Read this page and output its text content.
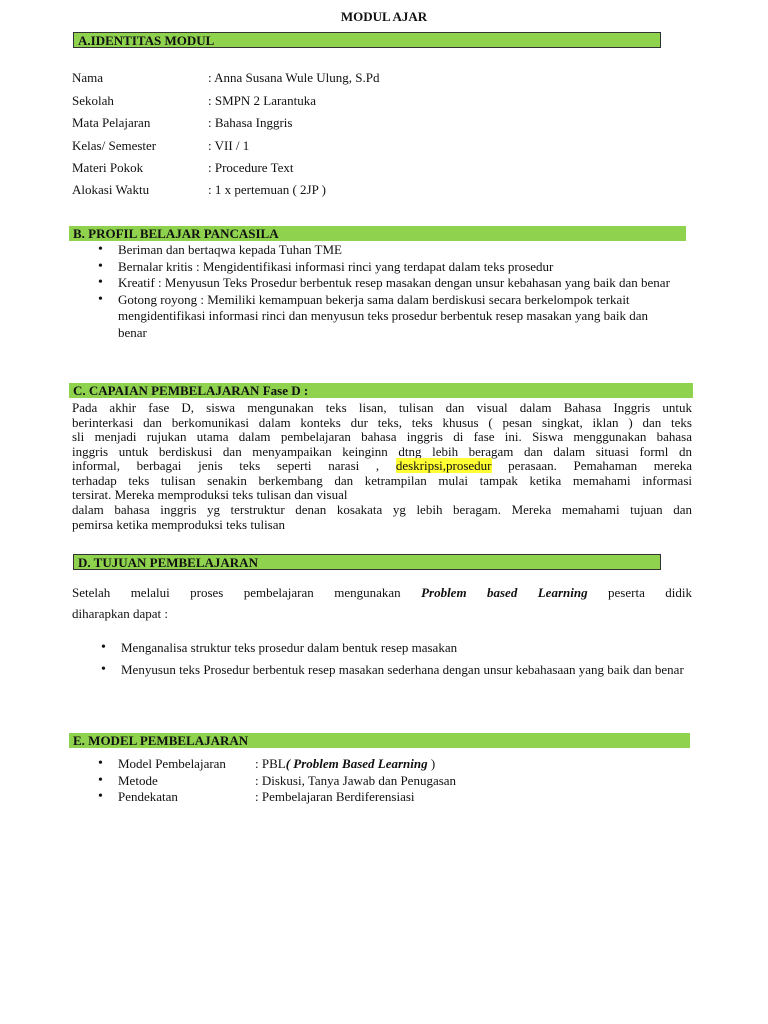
MODUL AJAR
A.IDENTITAS MODUL
Nama	: Anna Susana Wule Ulung, S.Pd
Sekolah	: SMPN 2 Larantuka
Mata Pelajaran	: Bahasa Inggris
Kelas/ Semester	: VII / 1
Materi Pokok	: Procedure Text
Alokasi Waktu	: 1 x pertemuan ( 2JP )
B. PROFIL BELAJAR PANCASILA
• Beriman dan bertaqwa kepada Tuhan TME
• Bernalar kritis : Mengidentifikasi informasi rinci yang terdapat dalam teks prosedur
• Kreatif : Menyusun Teks Prosedur berbentuk resep masakan dengan unsur kebahasan yang baik dan benar
• Gotong royong : Memiliki kemampuan bekerja sama dalam berdiskusi secara berkelompok terkait mengidentifikasi informasi rinci dan menyusun teks prosedur berbentuk resep masakan yang baik dan benar
C. CAPAIAN PEMBELAJARAN Fase D :
Pada akhir fase D, siswa mengunakan teks lisan, tulisan dan visual dalam Bahasa Inggris untuk
berinterkasi dan berkomunikasi dalam konteks dur teks, teks khusus ( pesan singkat, iklan ) dan teks
sli menjadi rujukan utama dalam pembelajaran bahasa inggris di fase ini. Siswa menggunakan bahasa
inggris untuk berdiskusi dan menyampaikan keinginn dtng lebih beragam dan dalam situasi forml dn
informal, berbagai jenis teks seperti narasi , deskripsi,prosedur perasaan. Pemahaman mereka
terhadap teks tulisan senakin berkembang dan ketrampilan mulai tampak ketika memahami informasi
tersirat. Mereka memproduksi teks tulisan dan visual
dalam bahasa inggris yg terstruktur denan kosakata yg lebih beragam. Mereka memahami tujuan dan
pemirsa ketika memproduksi teks tulisan
D. TUJUAN PEMBELAJARAN
Setelah melalui proses pembelajaran mengunakan Problem based Learning peserta didik
diharapkan dapat :
• Menganalisa struktur teks prosedur dalam bentuk resep masakan
• Menyusun teks Prosedur berbentuk resep masakan sederhana dengan unsur kebahasaan yang baik dan benar
E. MODEL PEMBELAJARAN
• Model Pembelajaran : PBL( Problem Based Learning )
• Metode	: Diskusi, Tanya Jawab dan Penugasan
• Pendekatan	: Pembelajaran Berdiferensiasi
